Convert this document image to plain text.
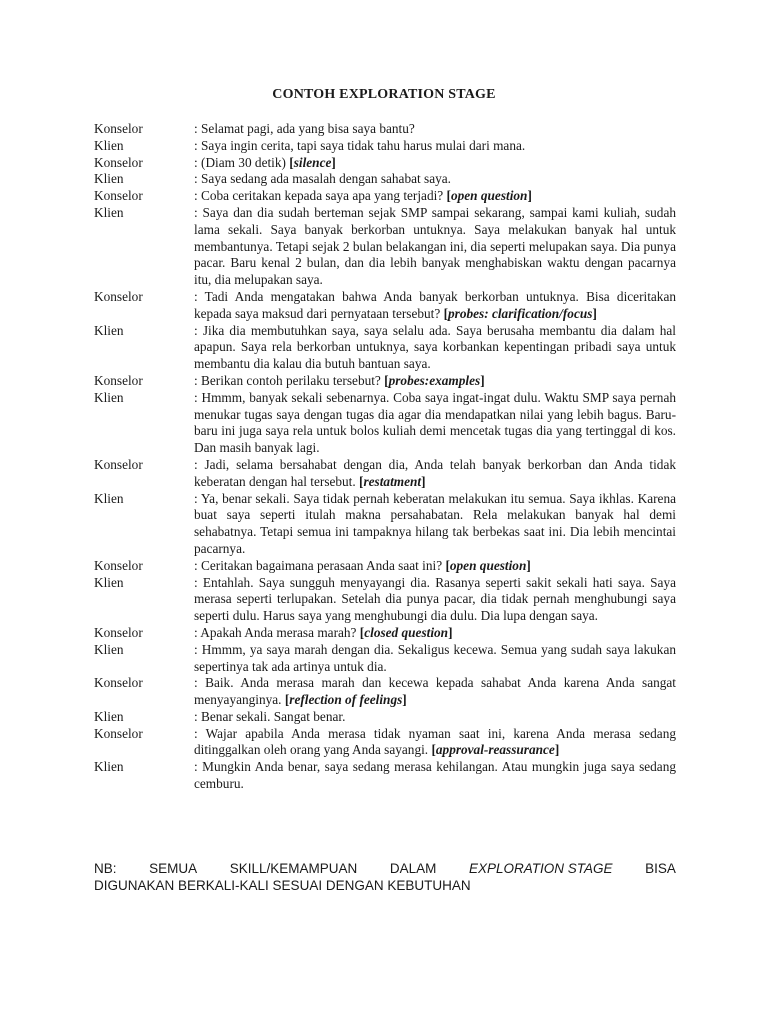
CONTOH EXPLORATION STAGE
Konselor	: Selamat pagi, ada yang bisa saya bantu?
Klien	: Saya ingin cerita, tapi saya tidak tahu harus mulai dari mana.
Konselor	: (Diam 30 detik) [silence]
Klien	: Saya sedang ada masalah dengan sahabat saya.
Konselor	: Coba ceritakan kepada saya apa yang terjadi? [open question]
Klien	: Saya dan dia sudah berteman sejak SMP sampai sekarang, sampai kami kuliah, sudah lama sekali. Saya banyak berkorban untuknya. Saya melakukan banyak hal untuk membantunya. Tetapi sejak 2 bulan belakangan ini, dia seperti melupakan saya. Dia punya pacar. Baru kenal 2 bulan, dan dia lebih banyak menghabiskan waktu dengan pacarnya itu, dia melupakan saya.
Konselor	: Tadi Anda mengatakan bahwa Anda banyak berkorban untuknya. Bisa diceritakan kepada saya maksud dari pernyataan tersebut? [probes: clarification/focus]
Klien	: Jika dia membutuhkan saya, saya selalu ada. Saya berusaha membantu dia dalam hal apapun. Saya rela berkorban untuknya, saya korbankan kepentingan pribadi saya untuk membantu dia kalau dia butuh bantuan saya.
Konselor	: Berikan contoh perilaku tersebut? [probes:examples]
Klien	: Hmmm, banyak sekali sebenarnya. Coba saya ingat-ingat dulu. Waktu SMP saya pernah menukar tugas saya dengan tugas dia agar dia mendapatkan nilai yang lebih bagus. Baru-baru ini juga saya rela untuk bolos kuliah demi mencetak tugas dia yang tertinggal di kos. Dan masih banyak lagi.
Konselor	: Jadi, selama bersahabat dengan dia, Anda telah banyak berkorban dan Anda tidak keberatan dengan hal tersebut. [restatment]
Klien	: Ya, benar sekali. Saya tidak pernah keberatan melakukan itu semua. Saya ikhlas. Karena buat saya seperti itulah makna persahabatan. Rela melakukan banyak hal demi sehabatnya. Tetapi semua ini tampaknya hilang tak berbekas saat ini. Dia lebih mencintai pacarnya.
Konselor	: Ceritakan bagaimana perasaan Anda saat ini? [open question]
Klien	: Entahlah. Saya sungguh menyayangi dia. Rasanya seperti sakit sekali hati saya. Saya merasa seperti terlupakan. Setelah dia punya pacar, dia tidak pernah menghubungi saya seperti dulu. Harus saya yang menghubungi dia dulu. Dia lupa dengan saya.
Konselor	: Apakah Anda merasa marah? [closed question]
Klien	: Hmmm, ya saya marah dengan dia. Sekaligus kecewa. Semua yang sudah saya lakukan sepertinya tak ada artinya untuk dia.
Konselor	: Baik. Anda merasa marah dan kecewa kepada sahabat Anda karena Anda sangat menyayanginya. [reflection of feelings]
Klien	: Benar sekali. Sangat benar.
Konselor	: Wajar apabila Anda merasa tidak nyaman saat ini, karena Anda merasa sedang ditinggalkan oleh orang yang Anda sayangi. [approval-reassurance]
Klien	: Mungkin Anda benar, saya sedang merasa kehilangan. Atau mungkin juga saya sedang cemburu.
NB: SEMUA SKILL/KEMAMPUAN DALAM EXPLORATION STAGE BISA
DIGUNAKAN BERKALI-KALI SESUAI DENGAN KEBUTUHAN
